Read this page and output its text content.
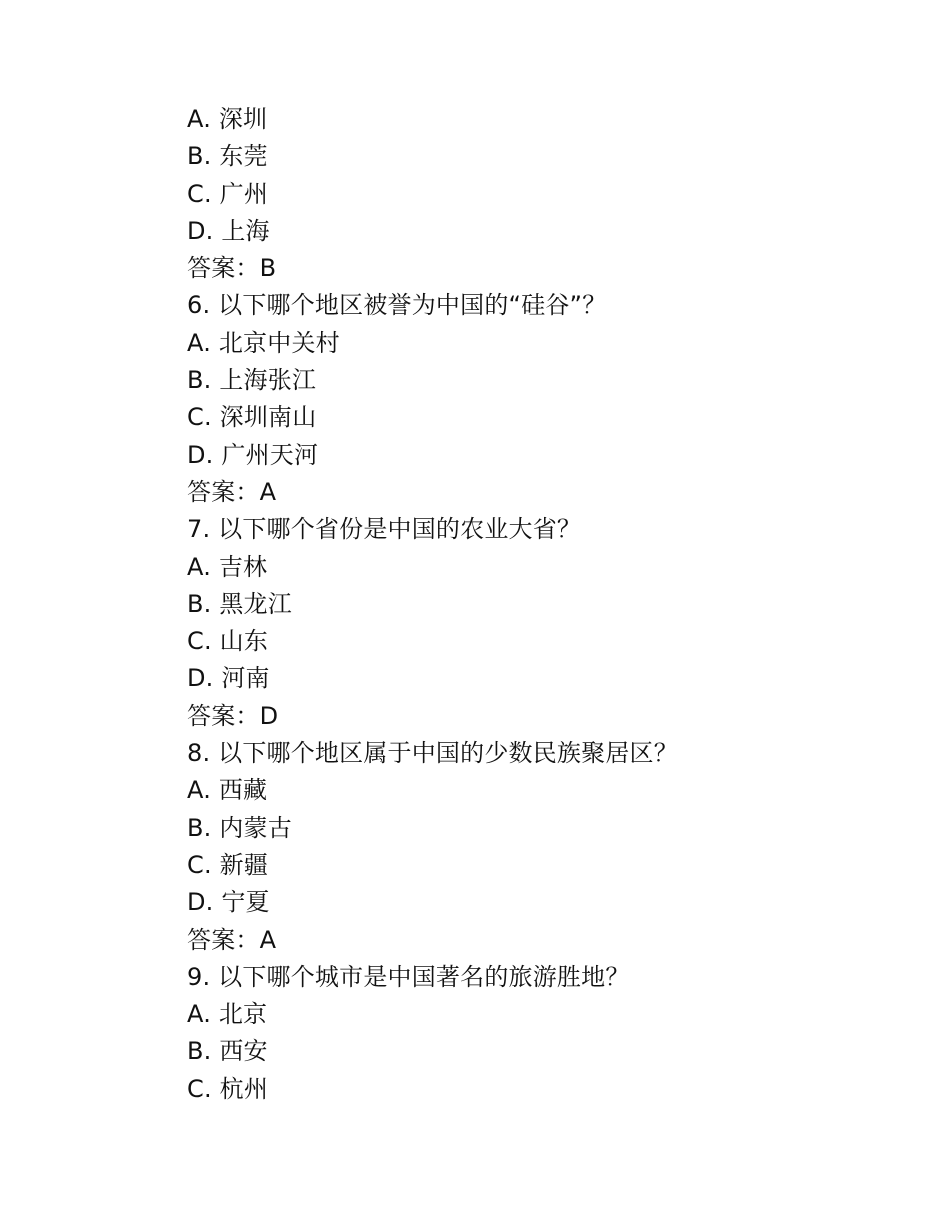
A. 深圳
B. 东莞
C. 广州
D. 上海
答案：B
6. 以下哪个地区被誉为中国的“硅谷”？
A. 北京中关村
B. 上海张江
C. 深圳南山
D. 广州天河
答案：A
7. 以下哪个省份是中国的农业大省？
A. 吉林
B. 黑龙江
C. 山东
D. 河南
答案：D
8. 以下哪个地区属于中国的少数民族聚居区？
A. 西藏
B. 内蒙古
C. 新疆
D. 宁夏
答案：A
9. 以下哪个城市是中国著名的旅游胜地？
A. 北京
B. 西安
C. 杭州
